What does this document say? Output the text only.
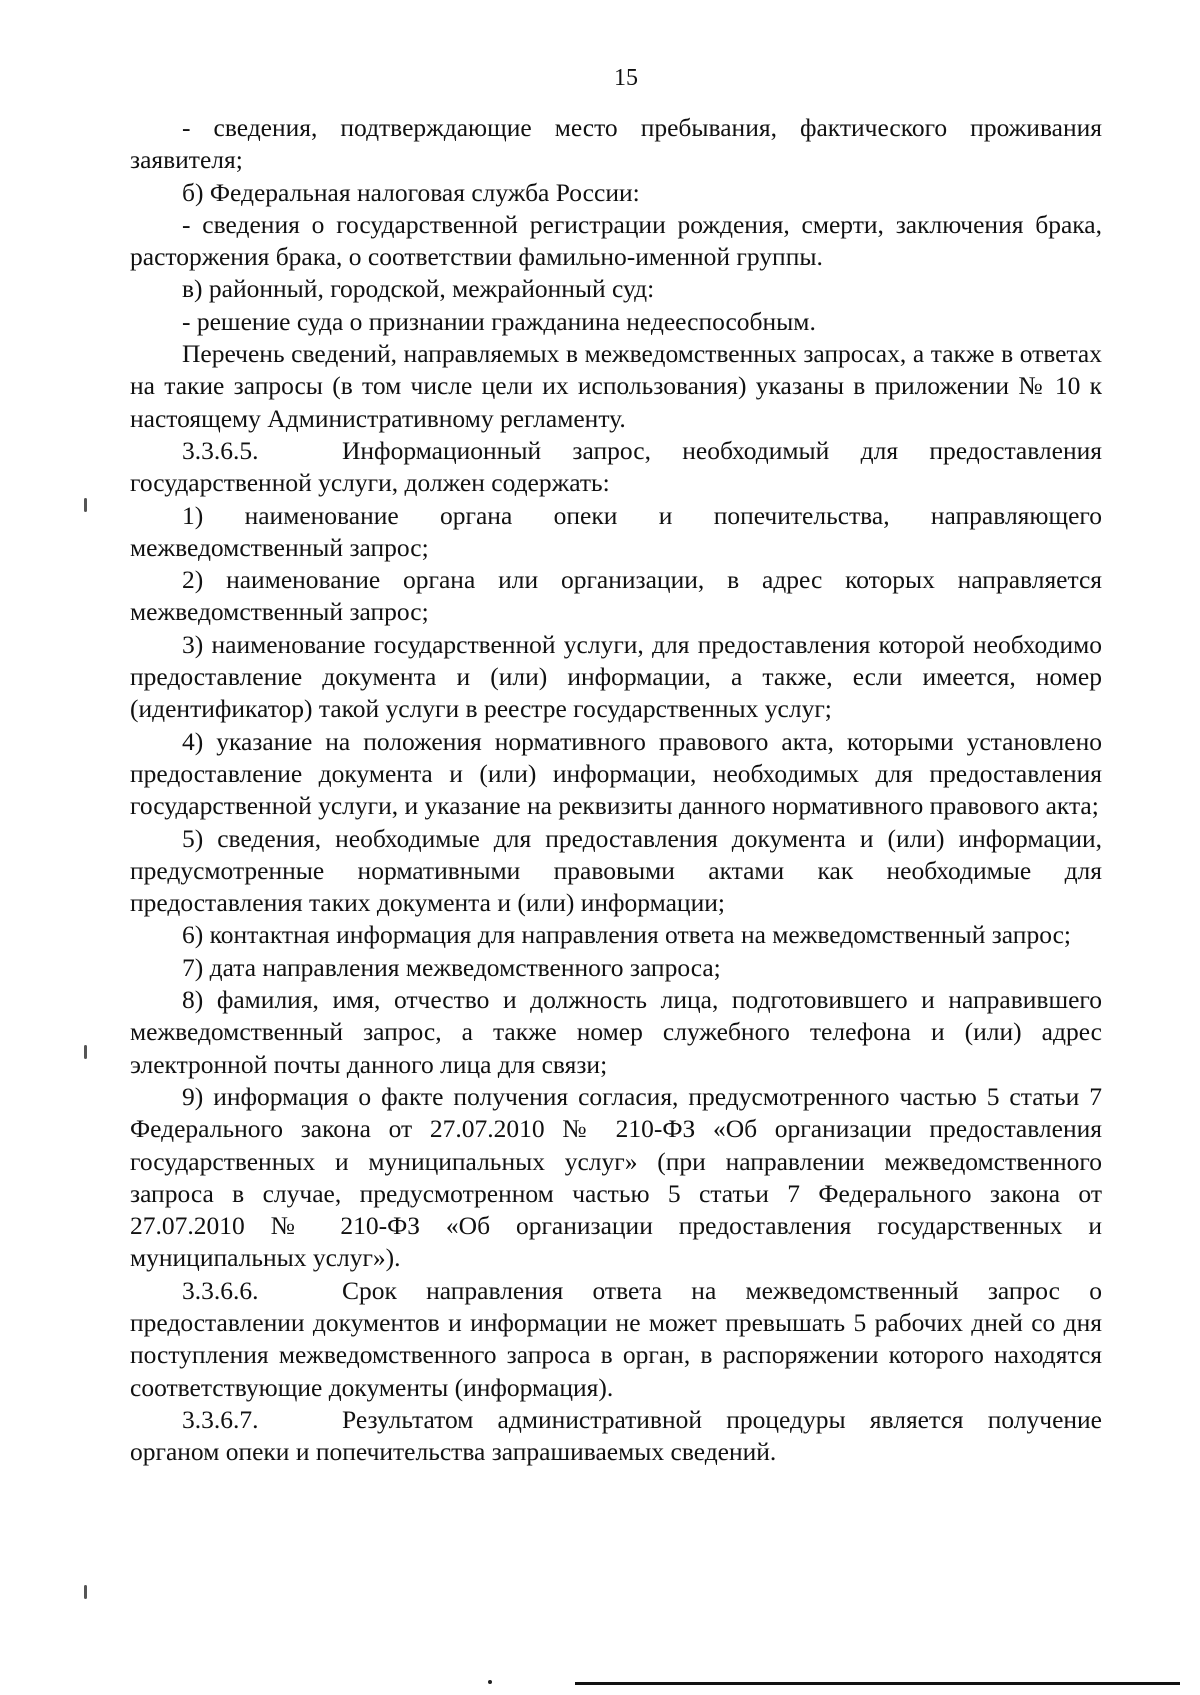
15

- сведения, подтверждающие место пребывания, фактического проживания заявителя;

б) Федеральная налоговая служба России:

- сведения о государственной регистрации рождения, смерти, заключения брака, расторжения брака, о соответствии фамильно-именной группы.

в) районный, городской, межрайонный суд:

- решение суда о признании гражданина недееспособным.

Перечень сведений, направляемых в межведомственных запросах, а также в ответах на такие запросы (в том числе цели их использования) указаны в приложении № 10 к настоящему Административному регламенту.

3.3.6.5.	Информационный запрос, необходимый для предоставления государственной услуги, должен содержать:

1) наименование органа опеки и попечительства, направляющего межведомственный запрос;

2) наименование органа или организации, в адрес которых направляется межведомственный запрос;

3) наименование государственной услуги, для предоставления которой необходимо предоставление документа и (или) информации, а также, если имеется, номер (идентификатор) такой услуги в реестре государственных услуг;

4) указание на положения нормативного правового акта, которыми установлено предоставление документа и (или) информации, необходимых для предоставления государственной услуги, и указание на реквизиты данного нормативного правового акта;

5) сведения, необходимые для предоставления документа и (или) информации, предусмотренные нормативными правовыми актами как необходимые для предоставления таких документа и (или) информации;

6) контактная информация для направления ответа на межведомственный запрос;

7) дата направления межведомственного запроса;

8) фамилия, имя, отчество и должность лица, подготовившего и направившего межведомственный запрос, а также номер служебного телефона и (или) адрес электронной почты данного лица для связи;

9) информация о факте получения согласия, предусмотренного частью 5 статьи 7 Федерального закона от 27.07.2010 № 210-ФЗ «Об организации предоставления государственных и муниципальных услуг» (при направлении межведомственного запроса в случае, предусмотренном частью 5 статьи 7 Федерального закона от 27.07.2010 № 210-ФЗ «Об организации предоставления государственных и муниципальных услуг»).

3.3.6.6.	Срок направления ответа на межведомственный запрос о предоставлении документов и информации не может превышать 5 рабочих дней со дня поступления межведомственного запроса в орган, в распоряжении которого находятся соответствующие документы (информация).

3.3.6.7.	Результатом административной процедуры является получение органом опеки и попечительства запрашиваемых сведений.
